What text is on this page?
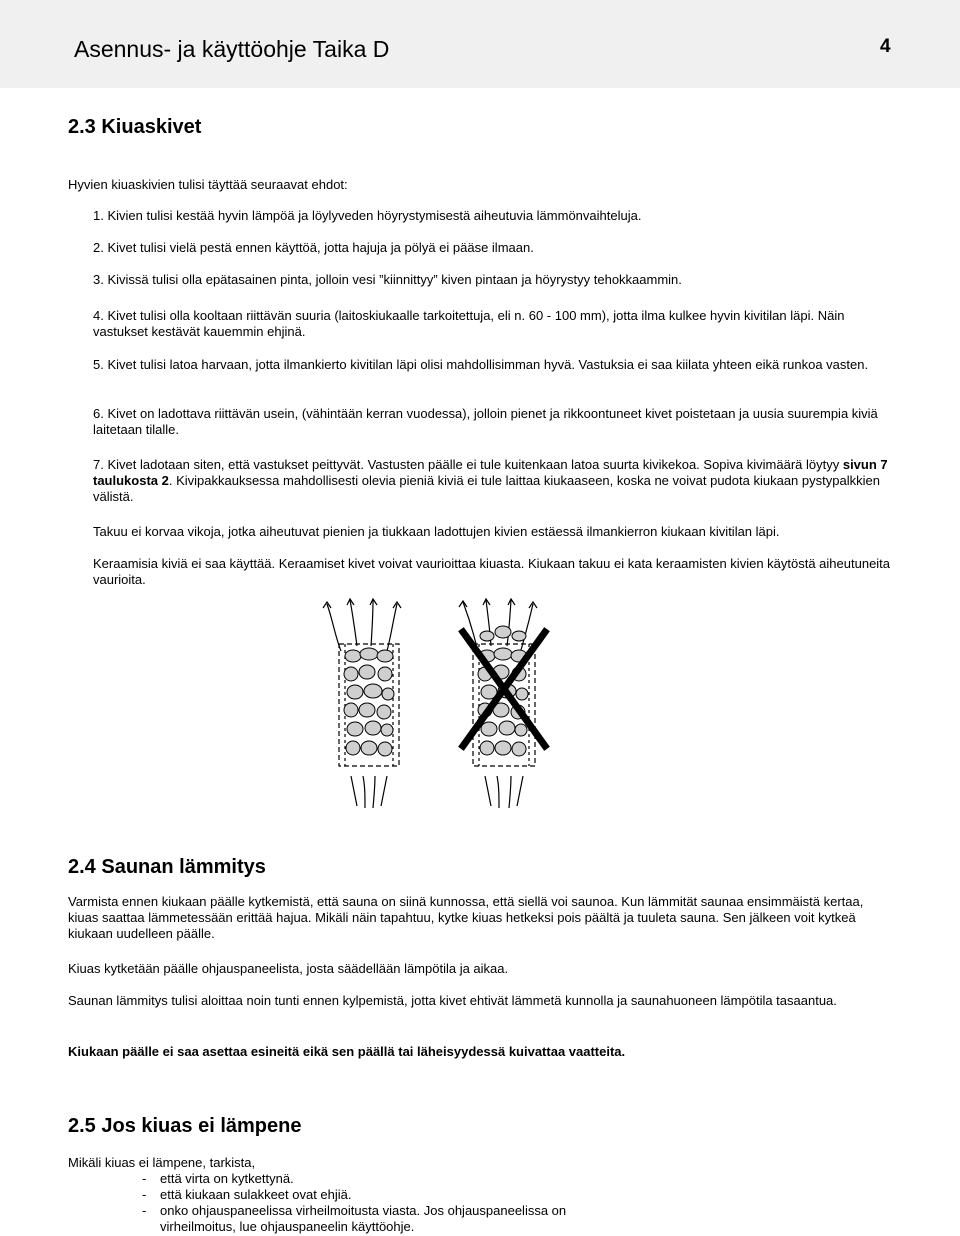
Asennus- ja käyttöohje Taika D	4
2.3 Kiuaskivet

Hyvien kiuaskivien tulisi täyttää seuraavat ehdot:

1. Kivien tulisi kestää hyvin lämpöä ja löylyveden höyrystymisestä aiheutuvia lämmönvaihteluja.

2. Kivet tulisi vielä pestä ennen käyttöä, jotta hajuja ja pölyä ei pääse ilmaan.

3. Kivissä tulisi olla epätasainen pinta, jolloin vesi ”kiinnittyy” kiven pintaan ja höyrystyy tehokkaammin.

4. Kivet tulisi olla kooltaan riittävän suuria (laitoskiukaalle tarkoitettuja, eli n. 60 - 100 mm), jotta ilma kulkee hyvin kivitilan läpi. Näin vastukset kestävät kauemmin ehjinä.

5. Kivet tulisi latoa harvaan, jotta ilmankierto kivitilan läpi olisi mahdollisimman hyvä. Vastuksia ei saa kiilata yhteen eikä runkoa vasten.

6. Kivet on ladottava riittävän usein, (vähintään kerran vuodessa), jolloin pienet ja rikkoontuneet kivet poistetaan ja uusia suurempia kiviä laitetaan tilalle.

7. Kivet ladotaan siten, että vastukset peittyvät. Vastusten päälle ei tule kuitenkaan latoa suurta kivikekoa. Sopiva kivimäärä löytyy sivun 7 taulukosta 2. Kivipakkauksessa mahdollisesti olevia pieniä kiviä ei tule laittaa kiukaaseen, koska ne voivat pudota kiukaan pystypalkkien välistä.

Takuu ei korvaa vikoja, jotka aiheutuvat pienien ja tiukkaan ladottujen kivien estäessä ilmankierron kiukaan kivitilan läpi.

Keraamisia kiviä ei saa käyttää. Keraamiset kivet voivat vaurioittaa kiuasta. Kiukaan takuu ei kata keraamisten kivien käytöstä aiheutuneita vaurioita.

2.4 Saunan lämmitys

Varmista ennen kiukaan päälle kytkemistä, että sauna on siinä kunnossa, että siellä voi saunoa. Kun lämmität saunaa ensimmäistä kertaa, kiuas saattaa lämmetessään erittää hajua. Mikäli näin tapahtuu, kytke kiuas hetkeksi pois päältä ja tuuleta sauna. Sen jälkeen voit kytkeä kiukaan uudelleen päälle.

Kiuas kytketään päälle ohjauspaneelista, josta säädellään lämpötila ja aikaa.

Saunan lämmitys tulisi aloittaa noin tunti ennen kylpemistä, jotta kivet ehtivät lämmetä kunnolla ja saunahuoneen lämpötila tasaantua.

Kiukaan päälle ei saa asettaa esineitä eikä sen päällä tai läheisyydessä kuivattaa vaatteita.

2.5 Jos kiuas ei lämpene

Mikäli kiuas ei lämpene, tarkista,

- että virta on kytkettynä.

- että kiukaan sulakkeet ovat ehjiä.

- onko ohjauspaneelissa virheilmoitusta viasta. Jos ohjauspaneelissa on virheilmoitus, lue ohjauspaneelin käyttöohje.
